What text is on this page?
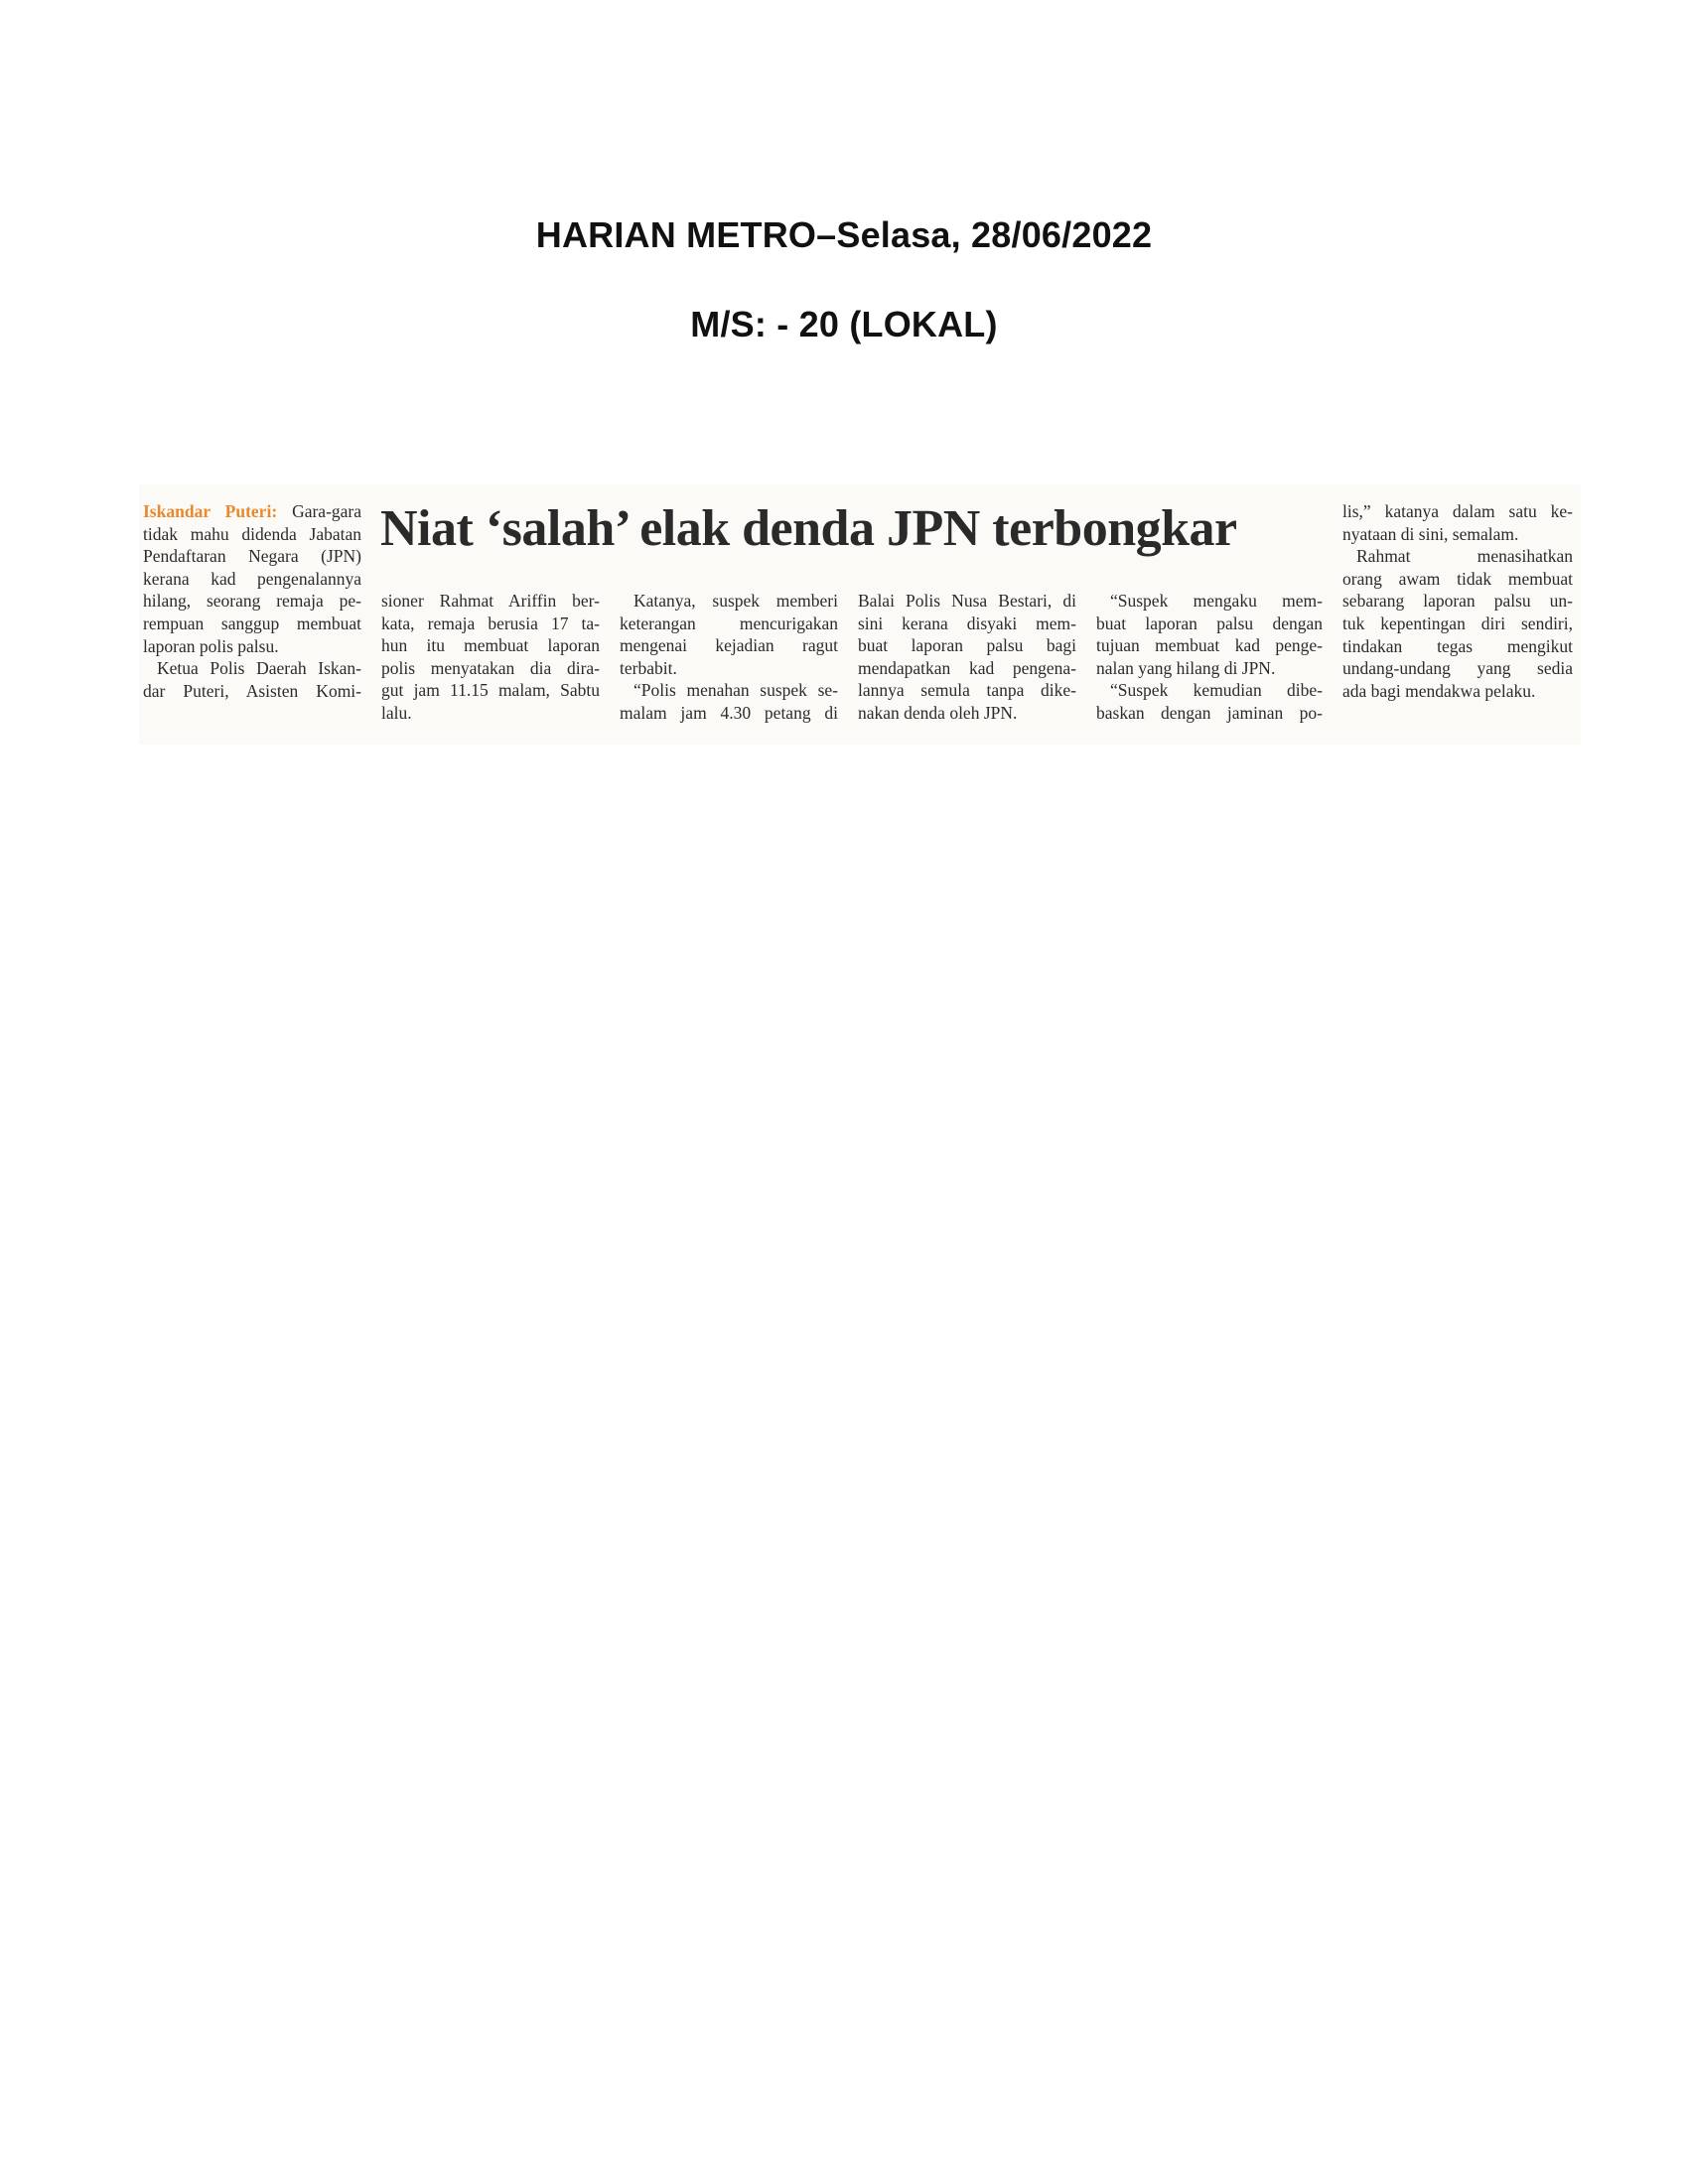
HARIAN METRO–Selasa, 28/06/2022
M/S: - 20 (LOKAL)
Niat ‘salah’ elak denda JPN terbongkar
Iskandar Puteri: Gara-gara
tidak mahu didenda Jabatan
Pendaftaran Negara (JPN)
kerana kad pengenalannya
hilang, seorang remaja pe-
rempuan sanggup membuat
laporan polis palsu.
Ketua Polis Daerah Iskan-
dar Puteri, Asisten Komi-
sioner Rahmat Ariffin ber-
kata, remaja berusia 17 ta-
hun itu membuat laporan
polis menyatakan dia dira-
gut jam 11.15 malam, Sabtu
lalu.
Katanya, suspek memberi
keterangan mencurigakan
mengenai kejadian ragut
terbabit.
“Polis menahan suspek se-
malam jam 4.30 petang di
Balai Polis Nusa Bestari, di
sini kerana disyaki mem-
buat laporan palsu bagi
mendapatkan kad pengena-
lannya semula tanpa dike-
nakan denda oleh JPN.
“Suspek mengaku mem-
buat laporan palsu dengan
tujuan membuat kad penge-
nalan yang hilang di JPN.
“Suspek kemudian dibe-
baskan dengan jaminan po-
lis,” katanya dalam satu ke-
nyataan di sini, semalam.
Rahmat menasihatkan
orang awam tidak membuat
sebarang laporan palsu un-
tuk kepentingan diri sendiri,
tindakan tegas mengikut
undang-undang yang sedia
ada bagi mendakwa pelaku.
